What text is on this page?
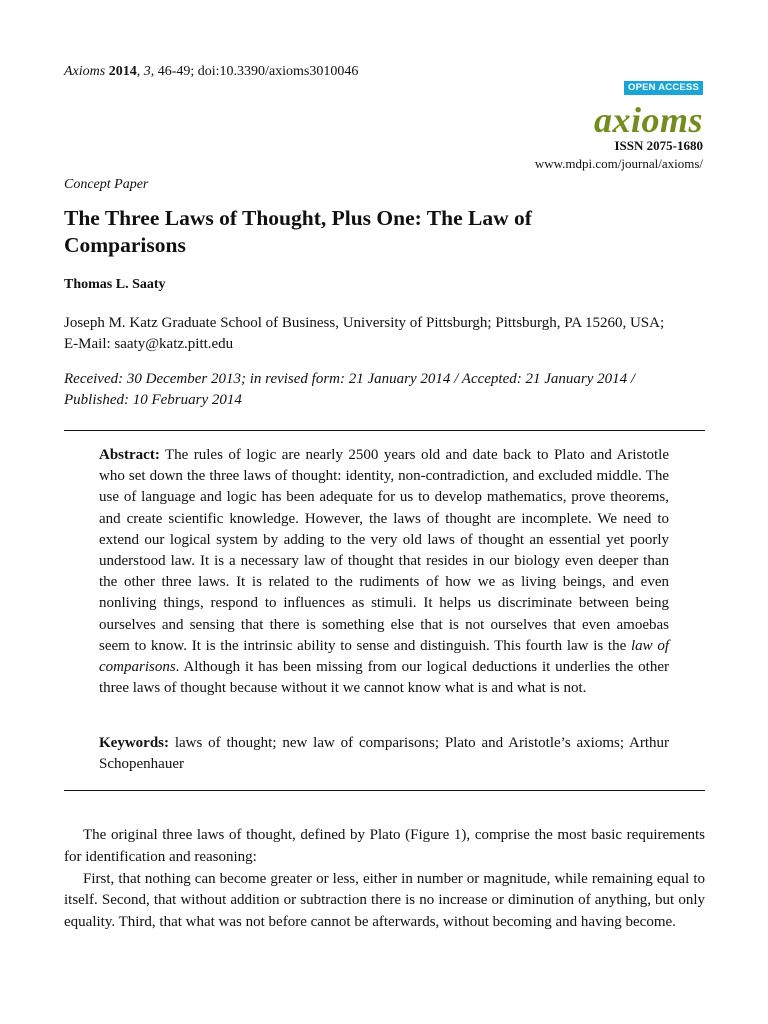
Axioms 2014, 3, 46-49; doi:10.3390/axioms3010046
OPEN ACCESS
axioms
ISSN 2075-1680
www.mdpi.com/journal/axioms/
Concept Paper
The Three Laws of Thought, Plus One: The Law of Comparisons
Thomas L. Saaty
Joseph M. Katz Graduate School of Business, University of Pittsburgh; Pittsburgh, PA 15260, USA;
E-Mail: saaty@katz.pitt.edu
Received: 30 December 2013; in revised form: 21 January 2014 / Accepted: 21 January 2014 /
Published: 10 February 2014

Abstract: The rules of logic are nearly 2500 years old and date back to Plato and Aristotle who set down the three laws of thought: identity, non-contradiction, and excluded middle. The use of language and logic has been adequate for us to develop mathematics, prove theorems, and create scientific knowledge. However, the laws of thought are incomplete. We need to extend our logical system by adding to the very old laws of thought an essential yet poorly understood law. It is a necessary law of thought that resides in our biology even deeper than the other three laws. It is related to the rudiments of how we as living beings, and even nonliving things, respond to influences as stimuli. It helps us discriminate between being ourselves and sensing that there is something else that is not ourselves that even amoebas seem to know. It is the intrinsic ability to sense and distinguish. This fourth law is the law of comparisons. Although it has been missing from our logical deductions it underlies the other three laws of thought because without it we cannot know what is and what is not.

Keywords: laws of thought; new law of comparisons; Plato and Aristotle’s axioms; Arthur Schopenhauer

The original three laws of thought, defined by Plato (Figure 1), comprise the most basic requirements for identification and reasoning:

First, that nothing can become greater or less, either in number or magnitude, while remaining equal to itself. Second, that without addition or subtraction there is no increase or diminution of anything, but only equality. Third, that what was not before cannot be afterwards, without becoming and having become.
